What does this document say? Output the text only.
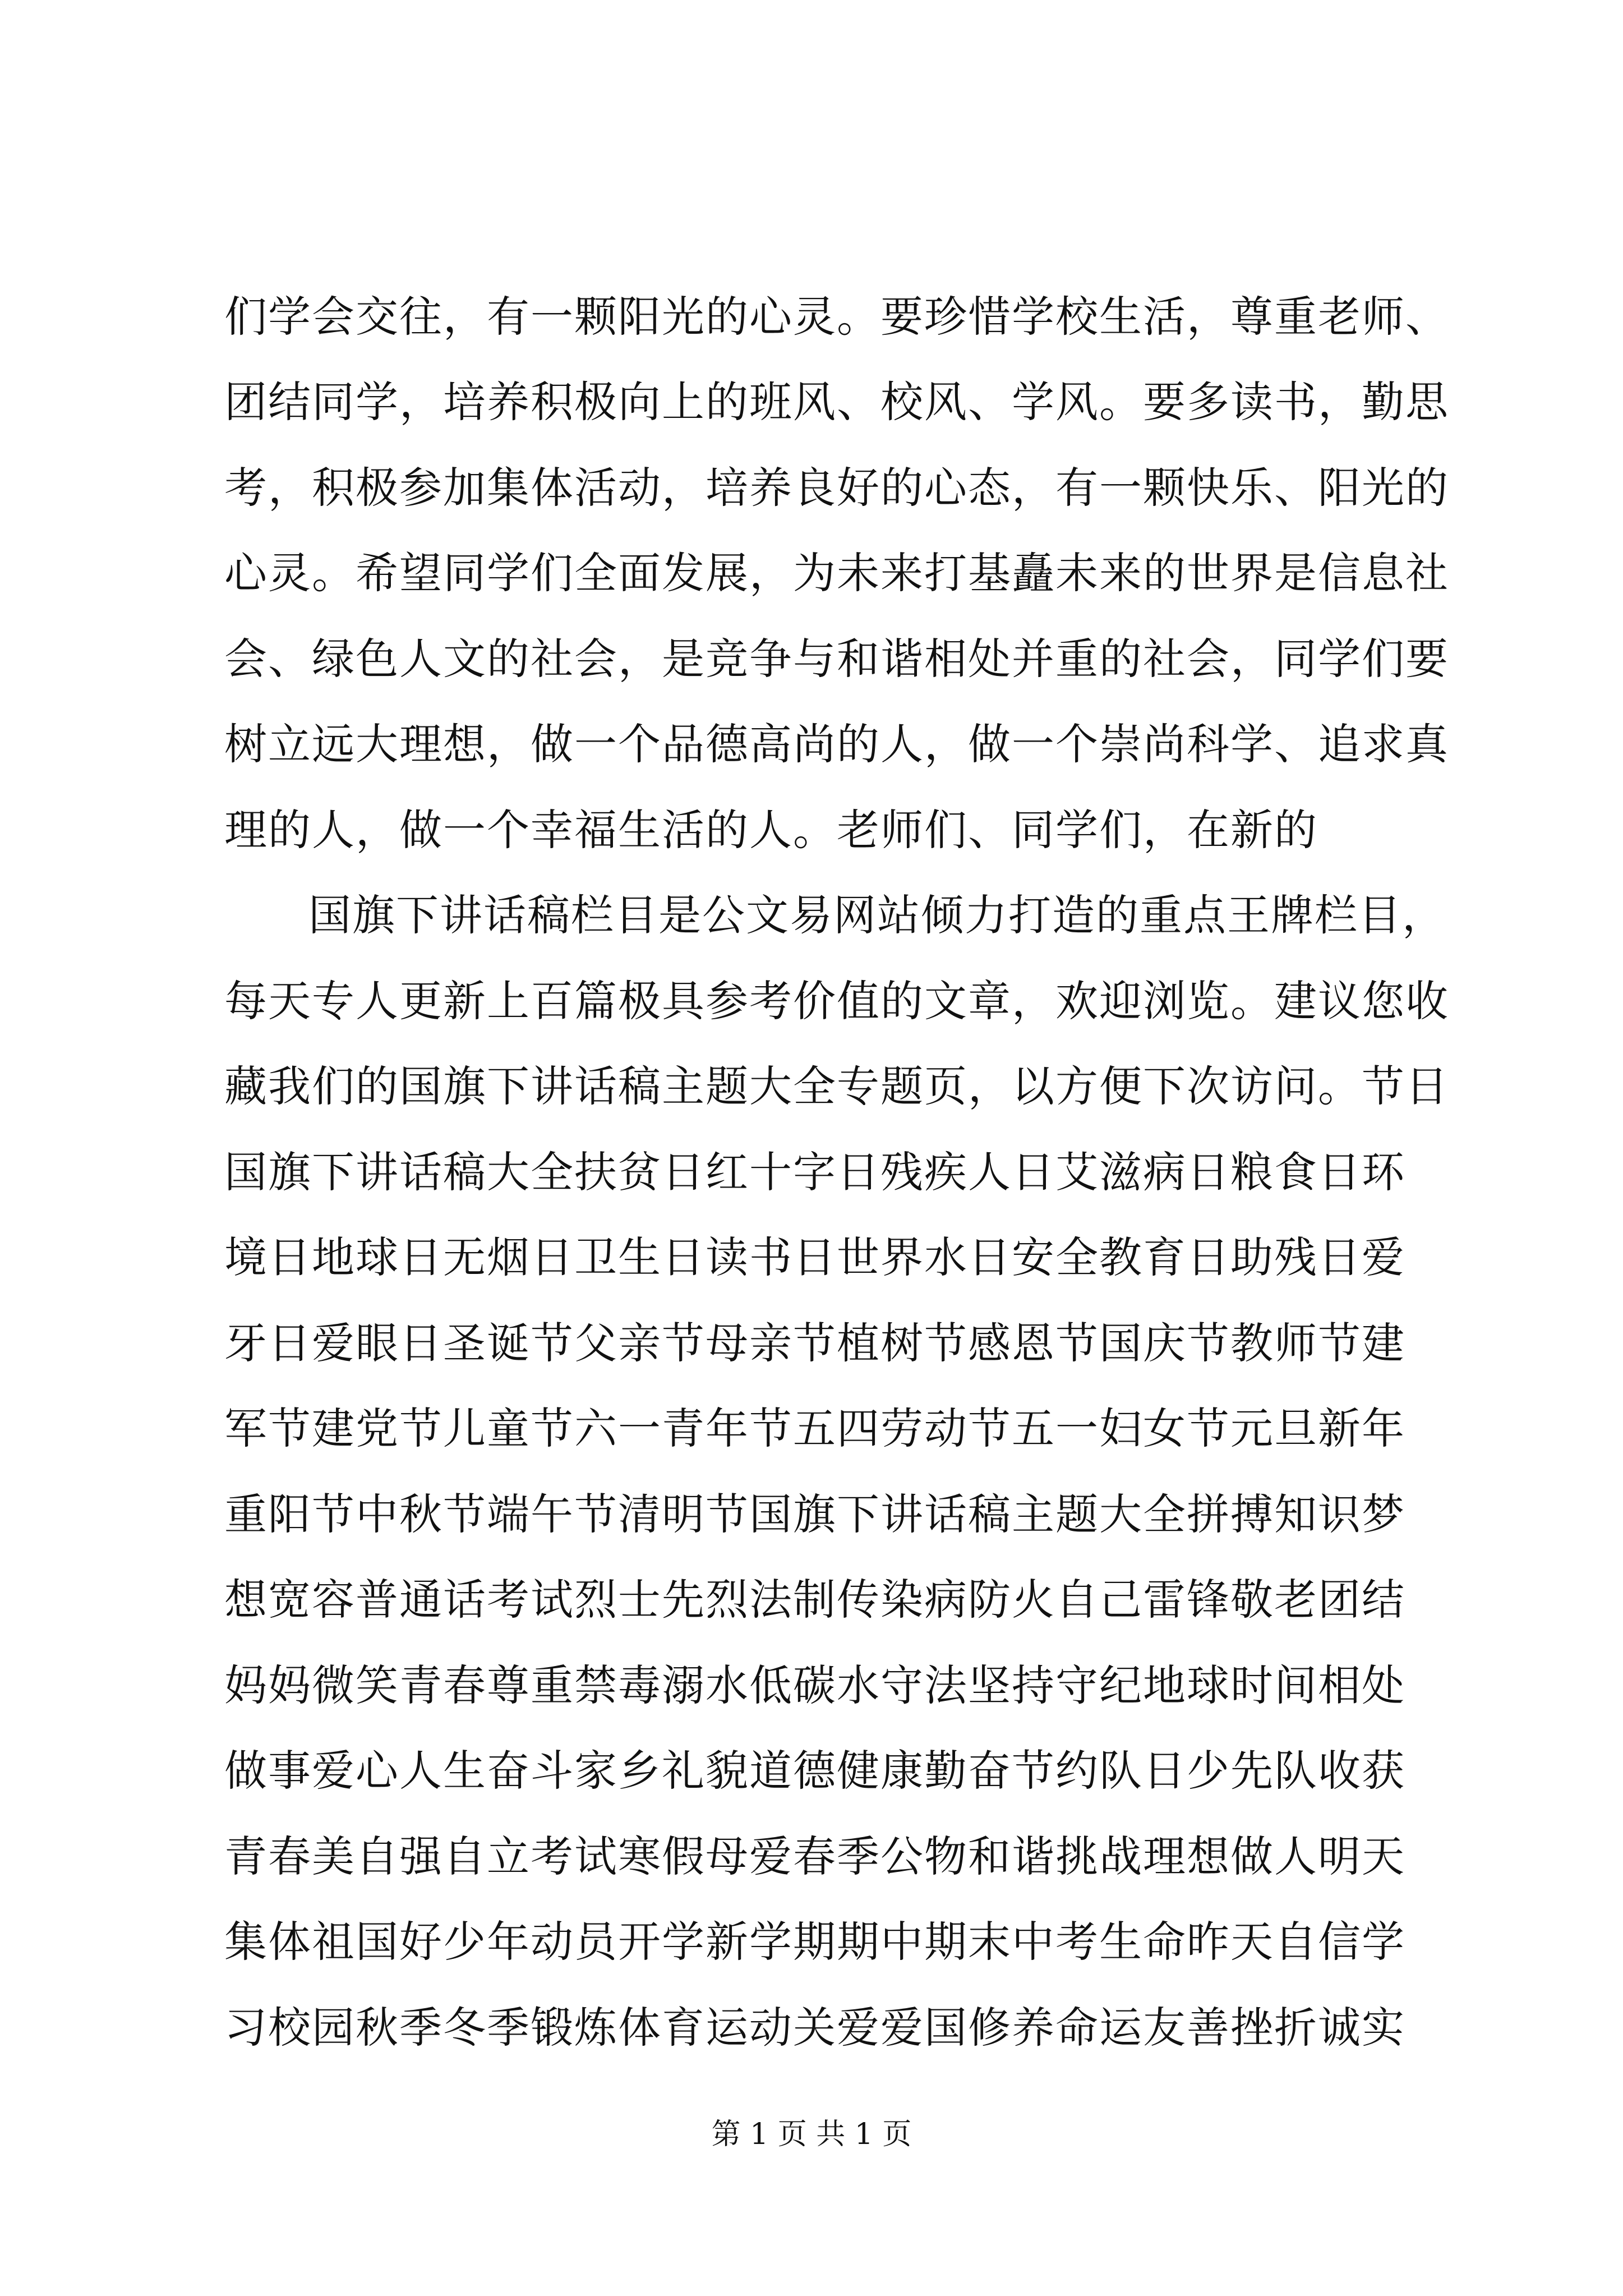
们学会交往，有一颗阳光的心灵。要珍惜学校生活，尊重老师、
团结同学，培养积极向上的班风、校风、学风。要多读书，勤思
考，积极参加集体活动，培养良好的心态，有一颗快乐、阳光的
心灵。希望同学们全面发展，为未来打基矗未来的世界是信息社
会、绿色人文的社会，是竞争与和谐相处并重的社会，同学们要
树立远大理想，做一个品德高尚的人，做一个崇尚科学、追求真
理的人，做一个幸福生活的人。老师们、同学们，在新的
国旗下讲话稿栏目是公文易网站倾力打造的重点王牌栏目，
每天专人更新上百篇极具参考价值的文章，欢迎浏览。建议您收
藏我们的国旗下讲话稿主题大全专题页，以方便下次访问。节日
国旗下讲话稿大全扶贫日红十字日残疾人日艾滋病日粮食日环
境日地球日无烟日卫生日读书日世界水日安全教育日助残日爱
牙日爱眼日圣诞节父亲节母亲节植树节感恩节国庆节教师节建
军节建党节儿童节六一青年节五四劳动节五一妇女节元旦新年
重阳节中秋节端午节清明节国旗下讲话稿主题大全拼搏知识梦
想宽容普通话考试烈士先烈法制传染病防火自己雷锋敬老团结
妈妈微笑青春尊重禁毒溺水低碳水守法坚持守纪地球时间相处
做事爱心人生奋斗家乡礼貌道德健康勤奋节约队日少先队收获
青春美自强自立考试寒假母爱春季公物和谐挑战理想做人明天
集体祖国好少年动员开学新学期期中期末中考生命昨天自信学
习校园秋季冬季锻炼体育运动关爱爱国修养命运友善挫折诚实
第 1 页 共 1 页
